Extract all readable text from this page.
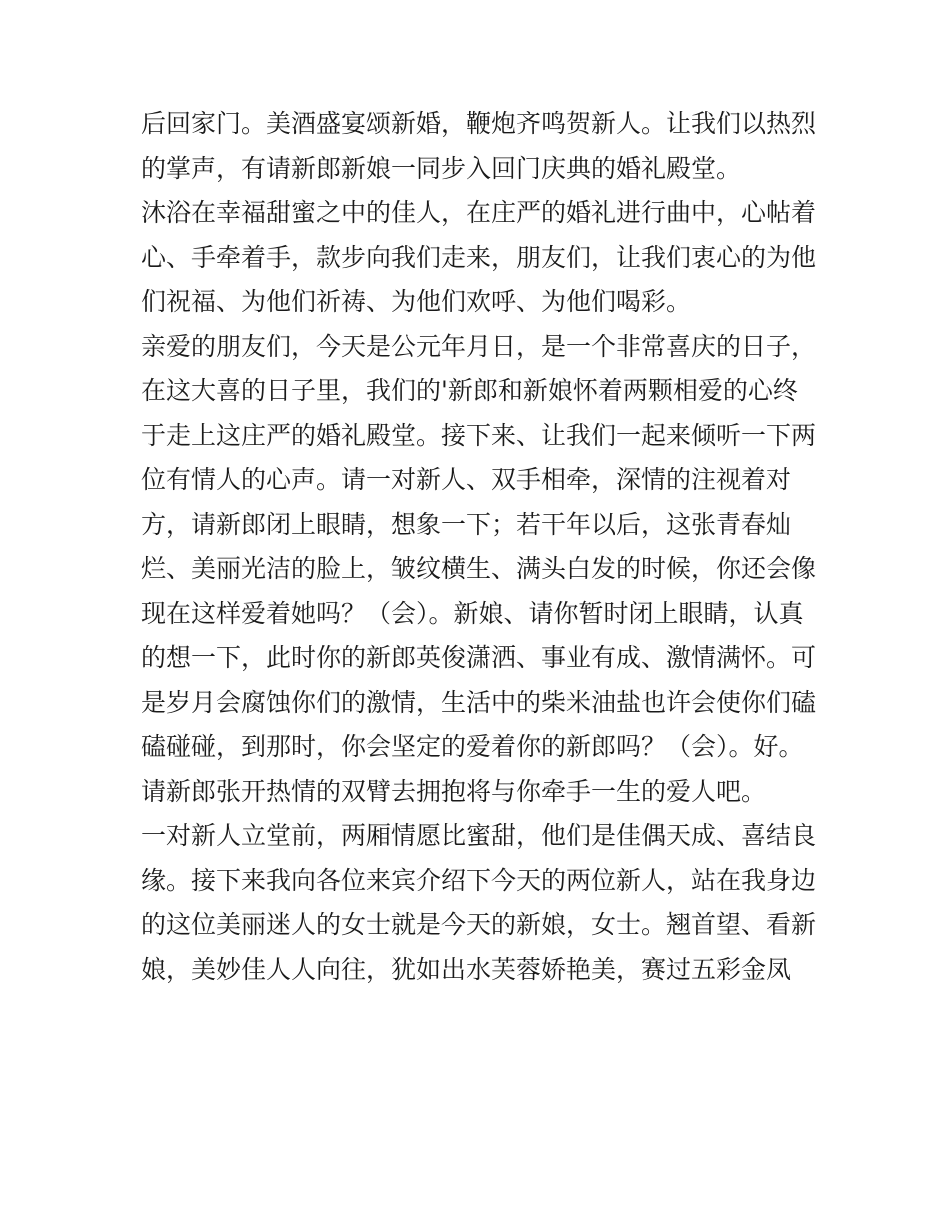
后回家门。美酒盛宴颂新婚，鞭炮齐鸣贺新人。让我们以热烈
的掌声，有请新郎新娘一同步入回门庆典的婚礼殿堂。
沐浴在幸福甜蜜之中的佳人，在庄严的婚礼进行曲中，心帖着
心、手牵着手，款步向我们走来，朋友们，让我们衷心的为他
们祝福、为他们祈祷、为他们欢呼、为他们喝彩。
亲爱的朋友们，今天是公元年月日，是一个非常喜庆的日子，
在这大喜的日子里，我们的'新郎和新娘怀着两颗相爱的心终
于走上这庄严的婚礼殿堂。接下来、让我们一起来倾听一下两
位有情人的心声。请一对新人、双手相牵，深情的注视着对
方，请新郎闭上眼睛，想象一下；若干年以后，这张青春灿
烂、美丽光洁的脸上，皱纹横生、满头白发的时候，你还会像
现在这样爱着她吗？（会）。新娘、请你暂时闭上眼睛，认真
的想一下，此时你的新郎英俊潇洒、事业有成、激情满怀。可
是岁月会腐蚀你们的激情，生活中的柴米油盐也许会使你们磕
磕碰碰，到那时，你会坚定的爱着你的新郎吗？（会）。好。
请新郎张开热情的双臂去拥抱将与你牵手一生的爱人吧。
一对新人立堂前，两厢情愿比蜜甜，他们是佳偶天成、喜结良
缘。接下来我向各位来宾介绍下今天的两位新人，站在我身边
的这位美丽迷人的女士就是今天的新娘，女士。翘首望、看新
娘，美妙佳人人向往，犹如出水芙蓉娇艳美，赛过五彩金凤
